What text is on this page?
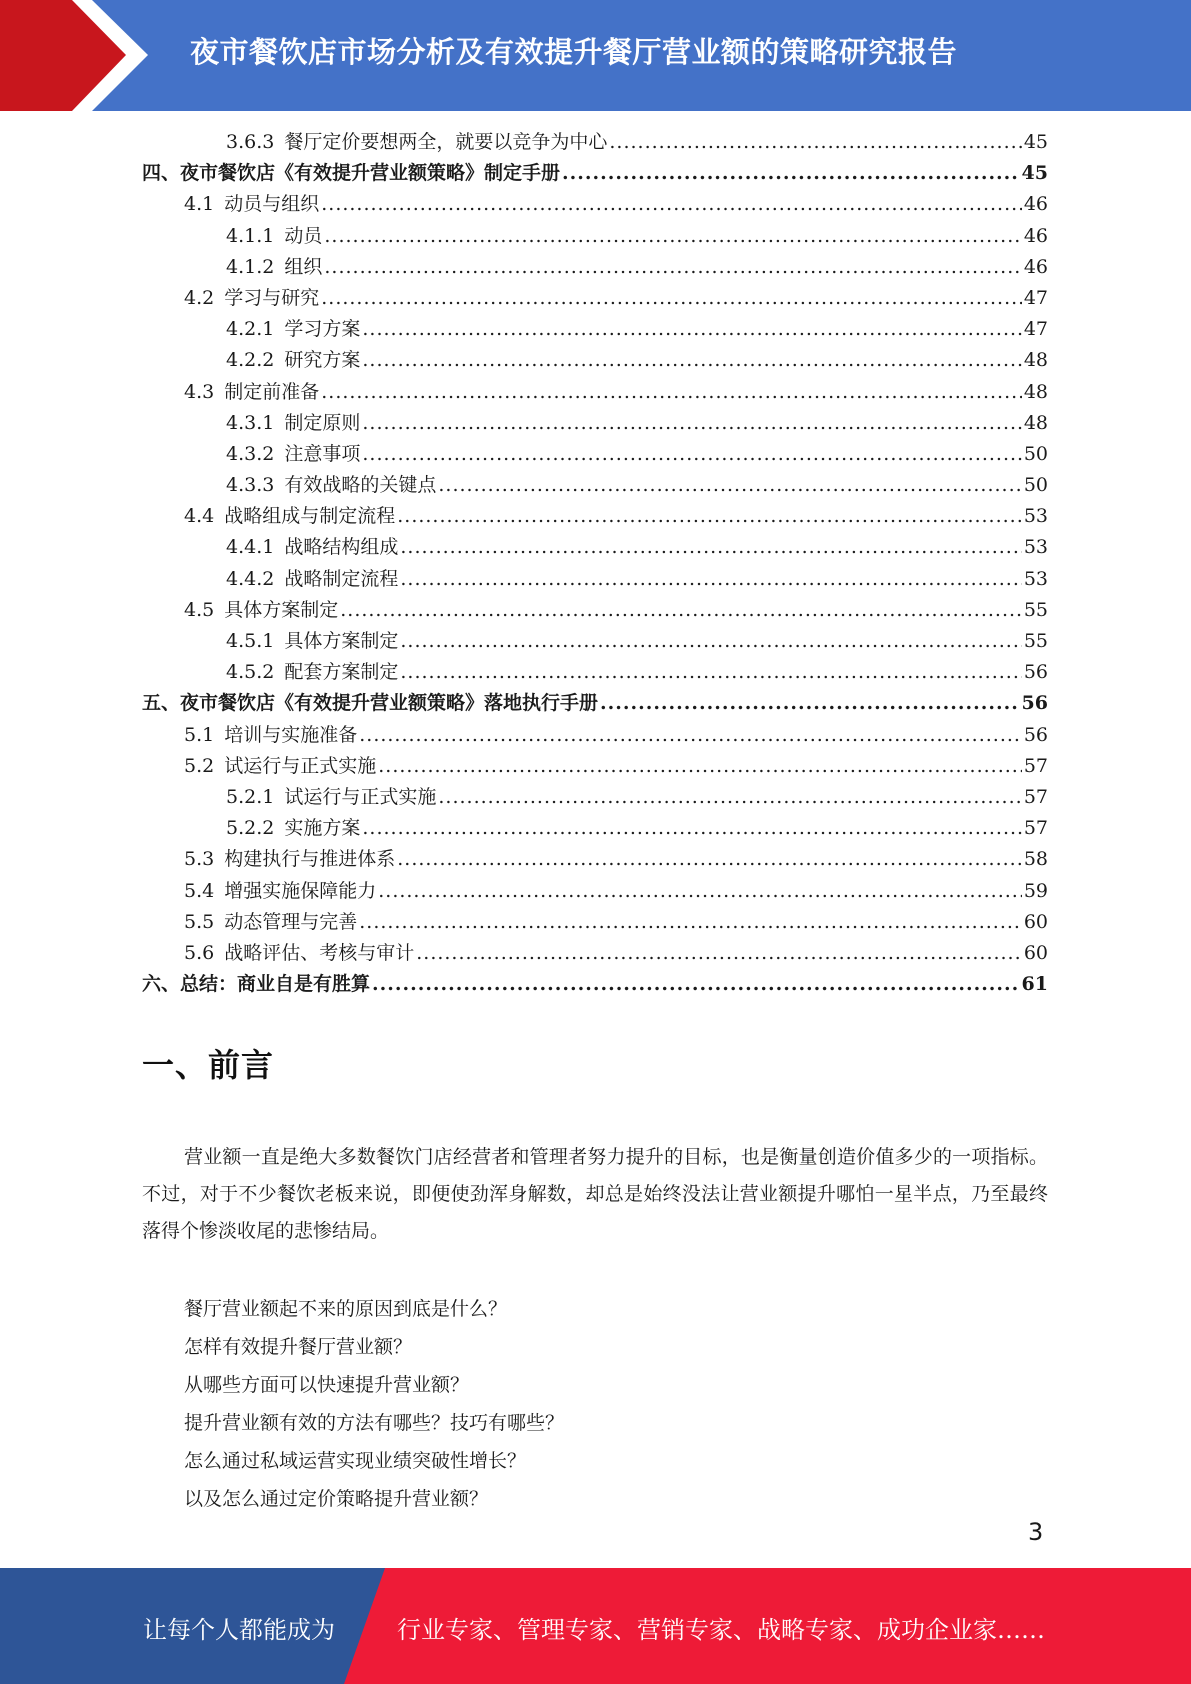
夜市餐饮店市场分析及有效提升餐厅营业额的策略研究报告
3.6.3 餐厅定价要想两全，就要以竞争为中心 .....	45
四、夜市餐饮店《有效提升营业额策略》制定手册 .....	45
4.1 动员与组织 .....	46
4.1.1 动员 .....	46
4.1.2 组织 .....	46
4.2 学习与研究 .....	47
4.2.1 学习方案 .....	47
4.2.2 研究方案 .....	48
4.3 制定前准备 .....	48
4.3.1 制定原则 .....	48
4.3.2 注意事项 .....	50
4.3.3 有效战略的关键点 .....	50
4.4 战略组成与制定流程 .....	53
4.4.1 战略结构组成 .....	53
4.4.2 战略制定流程 .....	53
4.5 具体方案制定 .....	55
4.5.1 具体方案制定 .....	55
4.5.2 配套方案制定 .....	56
五、夜市餐饮店《有效提升营业额策略》落地执行手册 .....	56
5.1 培训与实施准备 .....	56
5.2 试运行与正式实施 .....	57
5.2.1 试运行与正式实施 .....	57
5.2.2 实施方案 .....	57
5.3 构建执行与推进体系 .....	58
5.4 增强实施保障能力 .....	59
5.5 动态管理与完善 .....	60
5.6 战略评估、考核与审计 .....	60
六、总结：商业自是有胜算 .....	61
一、前言

营业额一直是绝大多数餐饮门店经营者和管理者努力提升的目标，也是衡量创造价值多少的一项指标。不过，对于不少餐饮老板来说，即便使劲浑身解数，却总是始终没法让营业额提升哪怕一星半点，乃至最终落得个惨淡收尾的悲惨结局。

餐厅营业额起不来的原因到底是什么？
怎样有效提升餐厅营业额？
从哪些方面可以快速提升营业额？
提升营业额有效的方法有哪些？技巧有哪些？
怎么通过私域运营实现业绩突破性增长？
以及怎么通过定价策略提升营业额？
3
让每个人都能成为	行业专家、管理专家、营销专家、战略专家、成功企业家……
